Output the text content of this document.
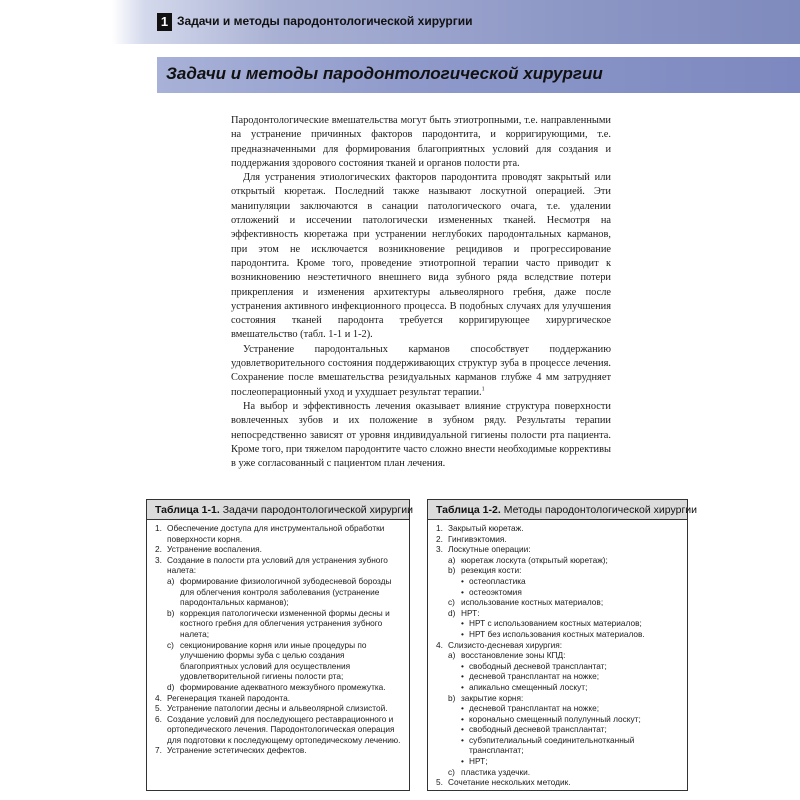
1 Задачи и методы пародонтологической хирургии
Задачи и методы пародонтологической хирургии

Пародонтологические вмешательства могут быть этиотропными, т.е. направленными на устранение причинных факторов пародонтита, и корригирующими, т.е. предназначенными для формирования благоприятных условий для создания и поддержания здорового состояния тканей и органов полости рта.

Для устранения этиологических факторов пародонтита проводят закрытый или открытый кюретаж. Последний также называют лоскутной операцией. Эти манипуляции заключаются в санации патологического очага, т.е. удалении отложений и иссечении патологически измененных тканей. Несмотря на эффективность кюретажа при устранении неглубоких пародонтальных карманов, при этом не исключается возникновение рецидивов и прогрессирование пародонтита. Кроме того, проведение этиотропной терапии часто приводит к возникновению неэстетичного внешнего вида зубного ряда вследствие потери прикрепления и изменения архитектуры альвеолярного гребня, даже после устранения активного инфекционного процесса. В подобных случаях для улучшения состояния тканей пародонта требуется корригирующее хирургическое вмешательство (табл. 1-1 и 1-2).

Устранение пародонтальных карманов способствует поддержанию удовлетворительного состояния поддерживающих структур зуба в процессе лечения. Сохранение после вмешательства резидуальных карманов глубже 4 мм затрудняет послеоперационный уход и ухудшает результат терапии.$^1$

На выбор и эффективность лечения оказывает влияние структура поверхности вовлеченных зубов и их положение в зубном ряду. Результаты терапии непосредственно зависят от уровня индивидуальной гигиены полости рта пациента. Кроме того, при тяжелом пародонтите часто сложно внести необходимые коррективы в уже согласованный с пациентом план лечения.

Таблица 1-1. Задачи пародонтологической хирургии
1. Обеспечение доступа для инструментальной обработки поверхности корня.
2. Устранение воспаления.
3. Создание в полости рта условий для устранения зубного налета:
a) формирование физиологичной зубодесневой борозды для облегчения контроля заболевания (устранение пародонтальных карманов);
b) коррекция патологически измененной формы десны и костного гребня для облегчения устранения зубного налета;
c) секционирование корня или иные процедуры по улучшению формы зуба с целью создания благоприятных условий для осуществления удовлетворительной гигиены полости рта;
d) формирование адекватного межзубного промежутка.
4. Регенерация тканей пародонта.
5. Устранение патологии десны и альвеолярной слизистой.
6. Создание условий для последующего реставрационного и ортопедического лечения. Пародонтологическая операция для подготовки к последующему ортопедическому лечению.
7. Устранение эстетических дефектов.
Таблица 1-2. Методы пародонтологической хирургии
1. Закрытый кюретаж.
2. Гингивэктомия.
3. Лоскутные операции:
a) кюретаж лоскута (открытый кюретаж);
b) резекция кости:
• остеопластика
• остеоэктомия
c) использование костных материалов;
d) НРТ:
• НРТ с использованием костных материалов;
• НРТ без использования костных материалов.
4. Слизисто-десневая хирургия:
a) восстановление зоны КПД:
• свободный десневой трансплантат;
• десневой трансплантат на ножке;
• апикально смещенный лоскут;
b) закрытие корня:
• десневой трансплантат на ножке;
• коронально смещенный полулунный лоскут;
• свободный десневой трансплантат;
• субэпителиальный соединительнотканный трансплантат;
• НРТ;
c) пластика уздечки.
5. Сочетание нескольких методик.
